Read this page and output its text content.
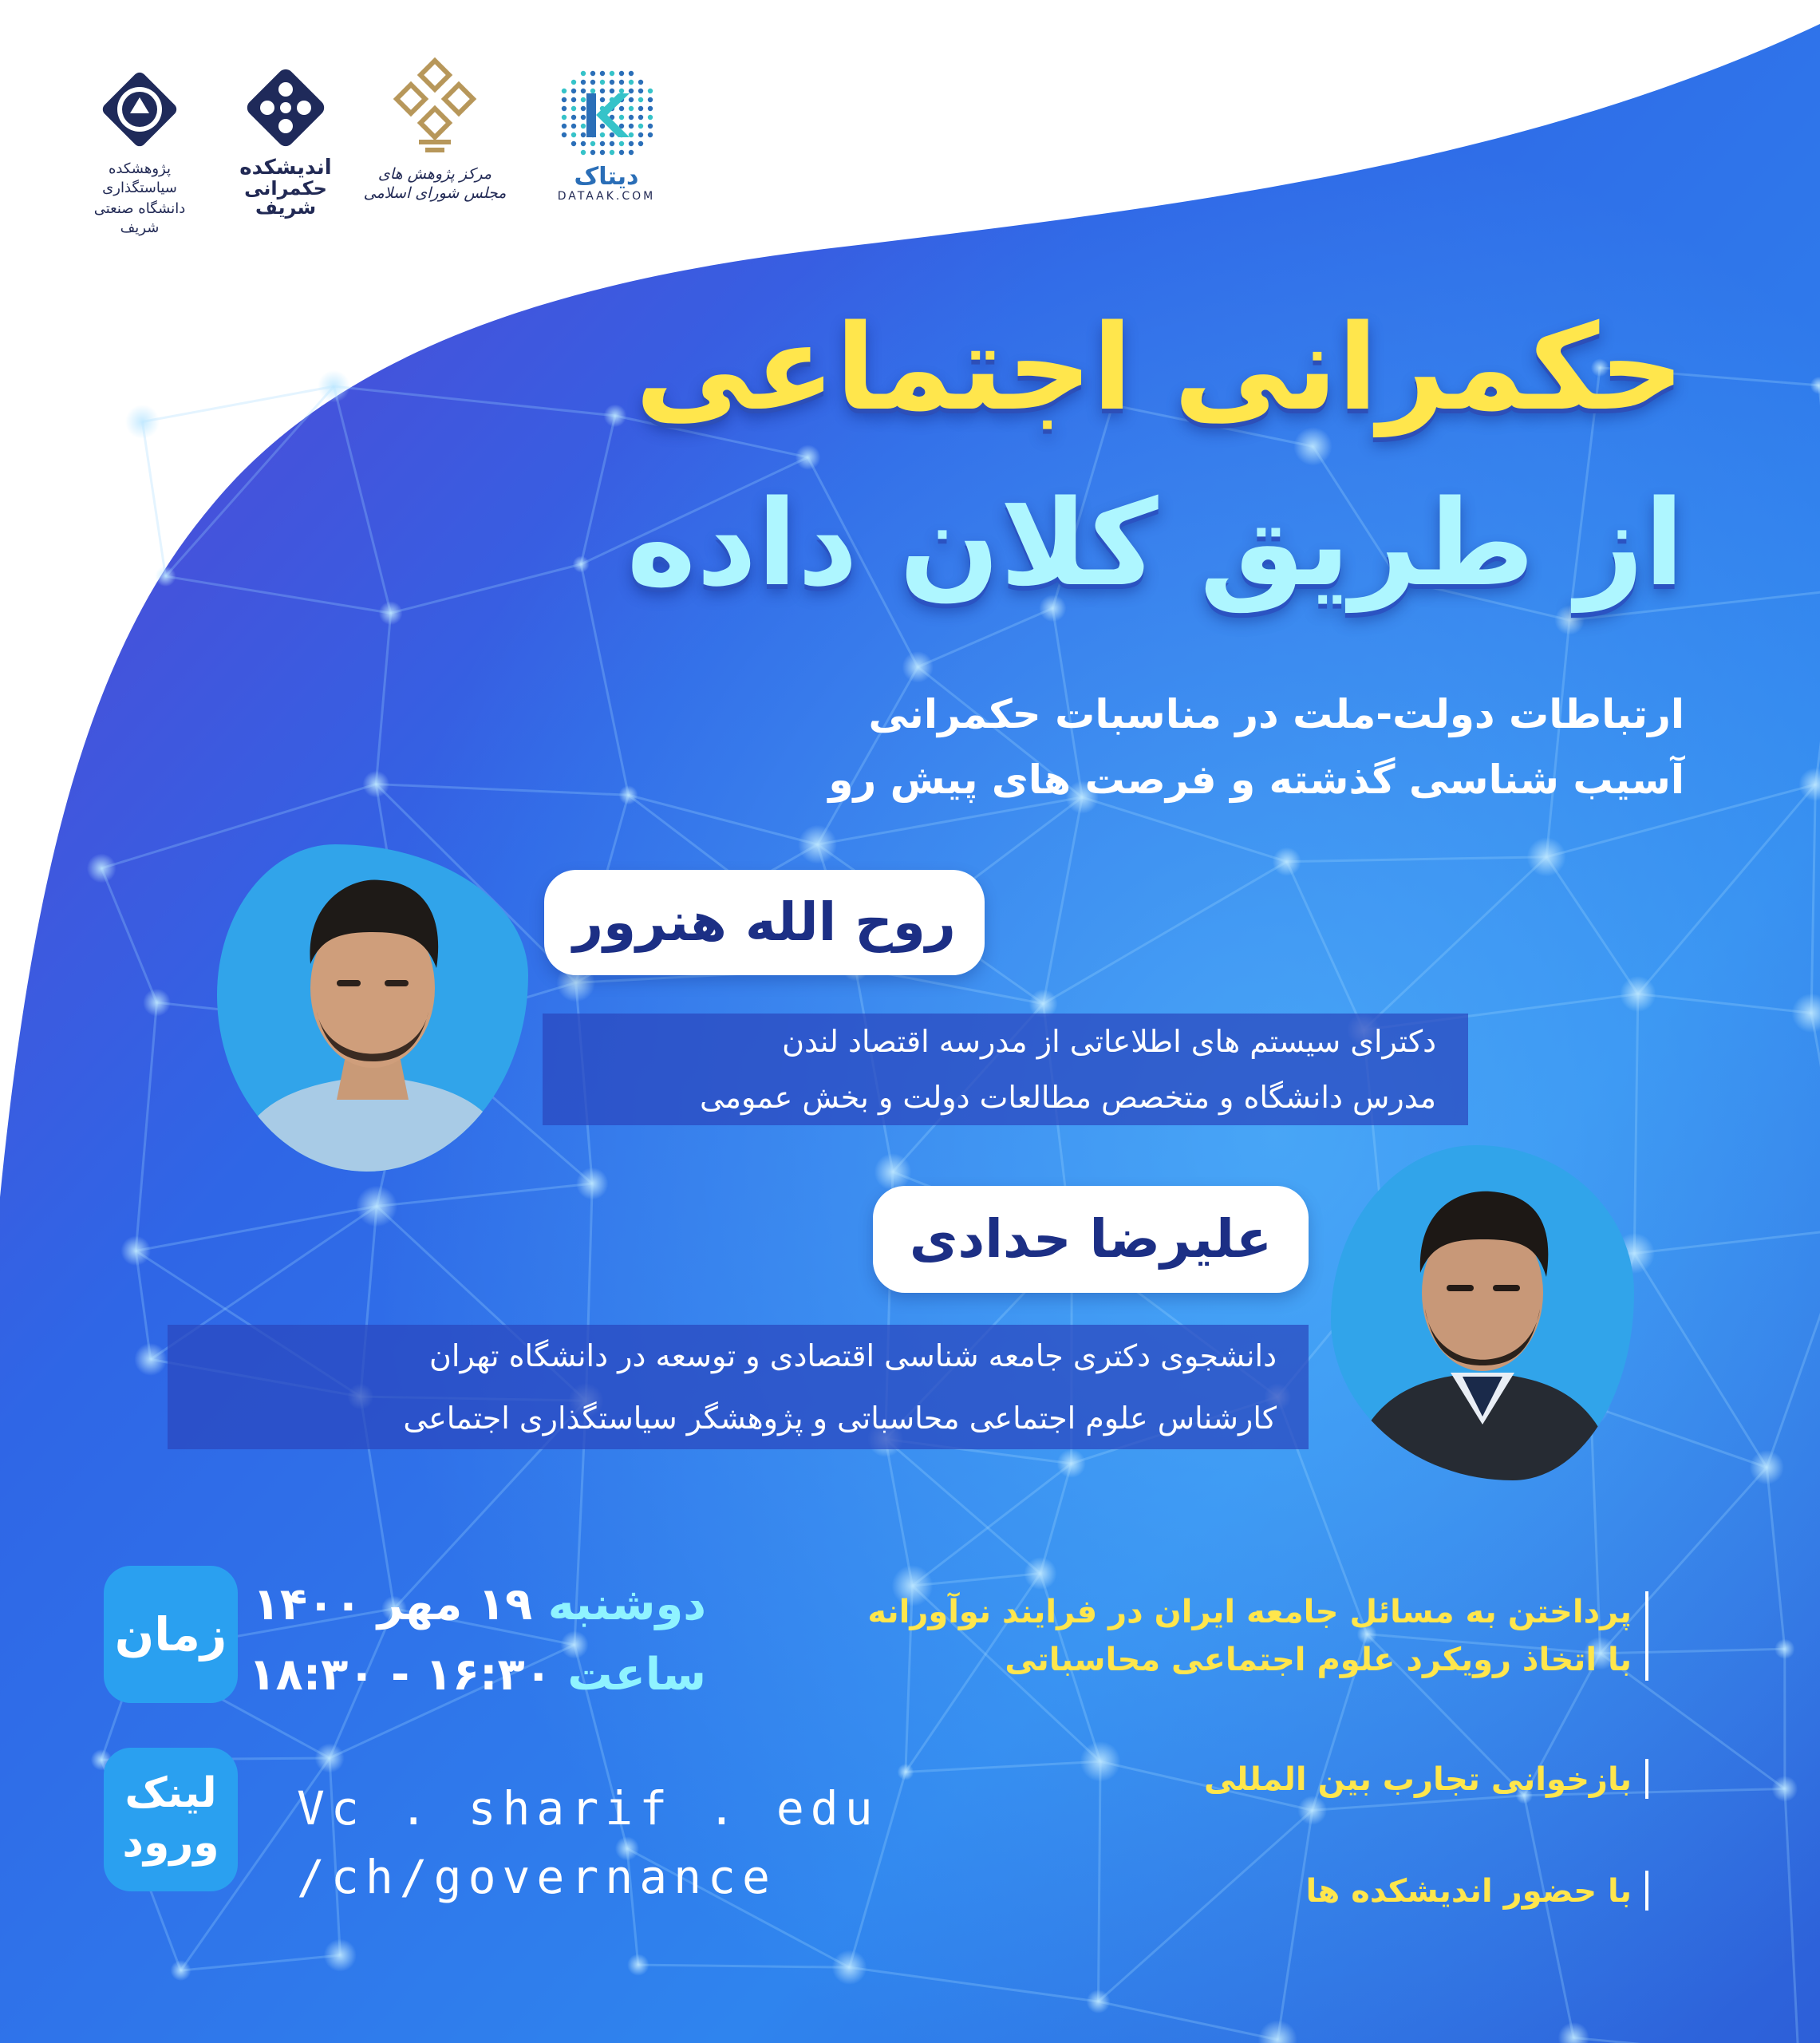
دیتاک
DATAAK.COM
مرکز پژوهش های مجلس شورای اسلامی
اندیشکده
حکمرانی شریف
پژوهشکده سیاستگذاری
دانشگاه صنعتی شریف
حکمرانی اجتماعی
از طریق کلان داده
ارتباطات دولت-ملت در مناسبات حکمرانی
آسیب شناسی گذشته و فرصت های پیش رو
روح الله هنرور
دکترای سیستم های اطلاعاتی از مدرسه اقتصاد لندن
مدرس دانشگاه و متخصص مطالعات دولت و بخش عمومی
علیرضا حدادی
دانشجوی دکتری جامعه شناسی اقتصادی و توسعه در دانشگاه تهران
کارشناس علوم اجتماعی محاسباتی و پژوهشگر سیاستگذاری اجتماعی
زمان
دوشنبه ۱۹ مهر ۱۴۰۰
ساعت ۱۶:۳۰ - ۱۸:۳۰
لینک
ورود
Vc . sharif . edu
/ch/governance
پرداختن به مسائل جامعه ایران در فرایند نوآورانه
با اتخاذ رویکرد علوم اجتماعی محاسباتی
بازخوانی تجارب بین المللی
با حضور اندیشکده ها
